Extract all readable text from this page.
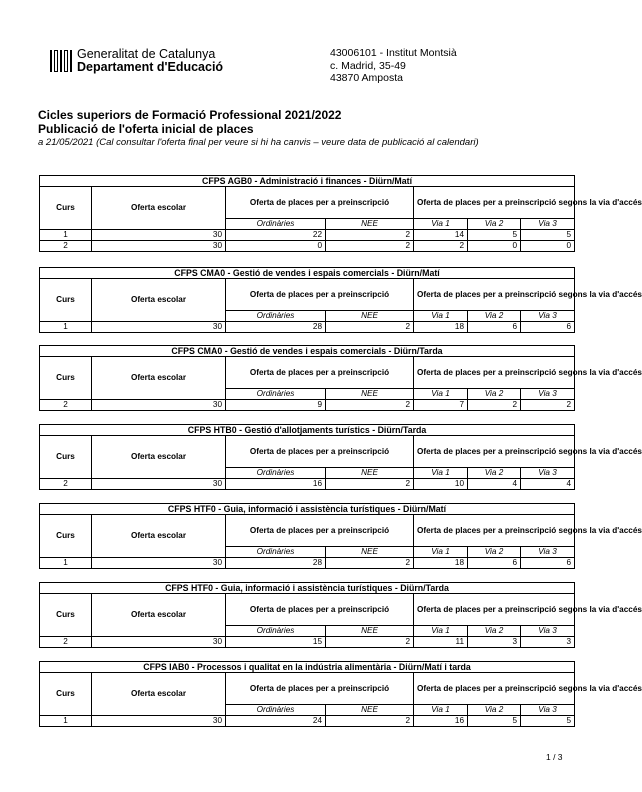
Generalitat de Catalunya
Departament d'Educació
43006101 - Institut Montsià
c. Madrid, 35-49
43870 Amposta
Cicles superiors de Formació Professional 2021/2022
Publicació de l'oferta inicial de places
a 21/05/2021 (Cal consultar l'oferta final per veure si hi ha canvis – veure data de publicació al calendari)
CFPS AGB0 - Administració i finances - Diürn/Matí						
Curs	Oferta escolar	Oferta de places per a preinscripció		Oferta de places per a preinscripció segons la via d'accés		
		Ordinàries	NEE	Via 1	Via 2	Via 3
1	30	22	2	14	5	5
2	30	0	2	2	0	0
CFPS CMA0 - Gestió de vendes i espais comercials - Diürn/Matí						
Curs	Oferta escolar	Oferta de places per a preinscripció		Oferta de places per a preinscripció segons la via d'accés		
		Ordinàries	NEE	Via 1	Via 2	Via 3
1	30	28	2	18	6	6
CFPS CMA0 - Gestió de vendes i espais comercials - Diürn/Tarda						
Curs	Oferta escolar	Oferta de places per a preinscripció		Oferta de places per a preinscripció segons la via d'accés		
		Ordinàries	NEE	Via 1	Via 2	Via 3
2	30	9	2	7	2	2
CFPS HTB0 - Gestió d'allotjaments turístics - Diürn/Tarda						
Curs	Oferta escolar	Oferta de places per a preinscripció		Oferta de places per a preinscripció segons la via d'accés		
		Ordinàries	NEE	Via 1	Via 2	Via 3
2	30	16	2	10	4	4
CFPS HTF0 - Guia, informació i assistència turístiques - Diürn/Matí						
Curs	Oferta escolar	Oferta de places per a preinscripció		Oferta de places per a preinscripció segons la via d'accés		
		Ordinàries	NEE	Via 1	Via 2	Via 3
1	30	28	2	18	6	6
CFPS HTF0 - Guia, informació i assistència turístiques - Diürn/Tarda						
Curs	Oferta escolar	Oferta de places per a preinscripció		Oferta de places per a preinscripció segons la via d'accés		
		Ordinàries	NEE	Via 1	Via 2	Via 3
2	30	15	2	11	3	3
CFPS IAB0 - Processos i qualitat en la indústria alimentària - Diürn/Matí i tarda						
Curs	Oferta escolar	Oferta de places per a preinscripció		Oferta de places per a preinscripció segons la via d'accés		
		Ordinàries	NEE	Via 1	Via 2	Via 3
1	30	24	2	16	5	5
1 / 3
